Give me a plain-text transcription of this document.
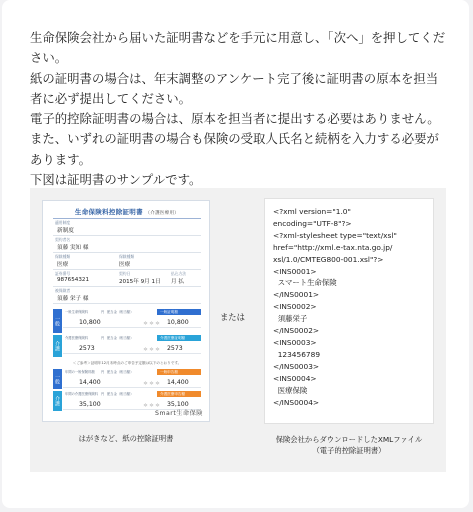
生命保険会社から届いた証明書などを手元に用意し、「次へ」を押してください。

紙の証明書の場合は、年末調整のアンケート完了後に証明書の原本を担当者に必ず提出してください。

電子的控除証明書の場合は、原本を担当者に提出する必要はありません。

また、いずれの証明書の場合も保険の受取人氏名と続柄を入力する必要があります。

下図は証明書のサンプルです。

生命保険料控除証明書 （介護医療用）
適用制度
新制度
契約者名
須藤 実知 様
保険種類
医療
保険種類
医療
証券番号
987654321
契約日
2015年 9月 1日
払込方法
月 払
被保険者
須藤 栄子 様
一般
一般生命保険料	円 配当金（相当額）	一般証明額
10,800	＊＊＊ 10,800
介護
介護医療保険料	円 配当金（相当額）	介護医療証明額
2573	＊＊＊ 2573
＜ご参考＞証明年12月末時点のご申告予定額は以下のとおりです。
一般
年間の一般保険料額 円 配当金（相当額）	一般申告額
14,400	＊＊＊ 14,400
介護
年間の介護医療保険料 円 配当金（相当額）	介護医療申告額
35,100	＊＊＊ 35,100
Smart生命保険
または
<?xml version="1.0"
encoding="UTF-8"?>
<?xml-stylesheet type="text/xsl"
href="http://xml.e-tax.nta.go.jp/
xsl/1.0/CMTEG800-001.xsl"?>
<INS0001>
スマート生命保険
</INS0001>
<INS0002>
須藤栄子
</INS0002>
<INS0003>
123456789
</INS0003>
<INS0004>
医療保険
</INS0004>
はがきなど、紙の控除証明書	保険会社からダウンロードしたXMLファイル
（電子的控除証明書）
